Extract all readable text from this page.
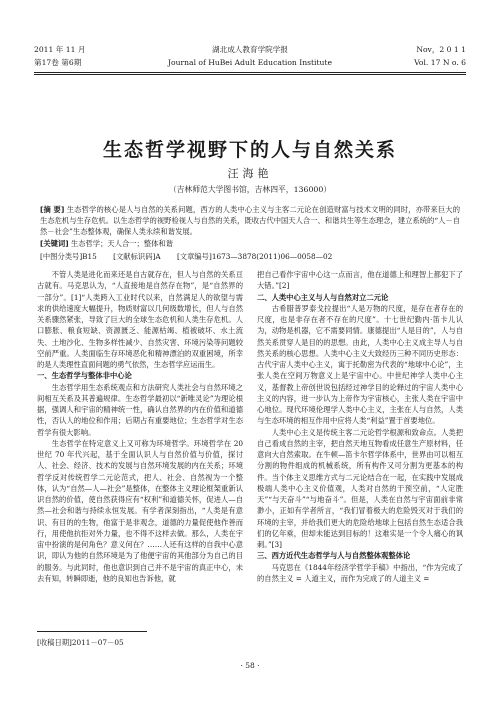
2011 年 11 月	湖北成人教育学院学报	Nov，2 0 1 1
第17卷 第6期	Journal of HuBei Adult Education Institute	Vol. 17 N o. 6
生态哲学视野下的人与自然关系
汪海艳
（吉林师范大学图书馆，吉林四平，136000）
[摘 要] 生态哲学的核心是人与自然的关系问题，西方的人类中心主义与主客二元论在创造财富与技术文明的同时，亦带来巨大的生态危机与生存危机。以生态哲学的视野检视人与自然的关系，既收古代中国天人合一、和谐共生等生态理念，建立系统的“人－自然－社会”生态整体观，确保人类永续和谐发展。
[关键词] 生态哲学；天人合一；整体和谐
[中图分类号]B15 [文献标识码]A [文章编号]1673—3878(2011)06—0058—02

不管人类是进化而来还是自古就存在，但人与自然的关系亘古就有。马克思认为，“人直接地是自然存在物”，是“自然界的一部分”。[1]“人类跨入工业时代以来，自然满足人的欲望与需求的供给速度大幅提升，物质财富以几何级数增长，但人与自然关系骤然紧张，导致了巨大的全球生态危机和人类生存危机。人口膨胀、粮食短缺、资源匮乏、能源枯竭、植被破坏、水土流失、土地沙化、生物多样性减少、自然灾害、环境污染等问题较空前严重。人类面临生存环境恶化和精神漂泊的双重困境，所幸的是人类理性直面问题的勇气依然，生态哲学应运而生。

一、生态哲学与整体非中心论

生态哲学用生态系统观点和方法研究人类社会与自然环境之间相互关系及其普遍规律。生态哲学最初以“新唯灵论”为理论根据，强调人和宇宙的精神统一性，确认自然界的内在价值和道德性，否认人的地位和作用；后期占有重要地位；生态哲学对生态哲学有很大影响。

生态哲学在特定意义上又可称为环境哲学。环境哲学在 20 世纪 70 年代兴起，基于全面认识人与自然价值与价值，探讨人、社会、经济、技术的发展与自然环境发展的内在关系；环境哲学反对传统哲学二元论范式，把人、社会、自然视为一个整体，认为“自然—人—社会”是整体，在整体主义理论框架重新认识自然的价值，使自然获得应有“权利”和道德关怀，促进人—自然—社会和谐与持续永恒发展。有学者深刻指出，“人类是有意识、有目的的生物，他富于是非观念，道德的力量促使他作善而行，用使他抗拒对外力量，也不得不这样去做。那么，人类在宇宙中扮演的是何角色？意义何在？……人还有这样的自我中心意识，即认为他的自然环境是为了他便宇宙的其他部分为自己的目的服务。与此同时，他也意识到自己并不是宇宙的真正中心，未去有知，转瞬即逝，他的良知也告诉他，就

把自己看作宇宙中心这一点而言，他在道德上和理智上都犯下了大错。”[2]

二、人类中心主义与人与自然对立二元论

古希腊普罗泰戈拉提出“人是万物的尺度，是存在者存在的尺度，也是非存在者不存在的尺度”。十七世纪勤内·笛卡儿认为，动物是机器，它不需要同情。康德提出“人是目的”，人与自然关系贯穿人是目的的思想。由此，人类中心主义成主导人与自然关系的核心思想。人类中心主义大致经历三种不同历史形态：古代宇宙人类中心主义，寓于托勒密为代表的“地球中心论”，主张人类在空间万物意义上是宇宙中心。中世纪神学人类中心主义，基督教上帝创世说包括经过神学目的论释过的宇宙人类中心主义的内容，进一步认为上帝作为宇宙核心，主张人类在宇宙中心地位。现代环境伦理学人类中心主义，主张在人与自然，人类与生态环境的相互作用中应将人类“利益”置于首要地位。

人类中心主义是传统主客二元论哲学根源和致命点。人类把自己看成自然的主宰，把自然天地互物看成任意生产原材料，任意向大自然索取。在牛顿—笛卡尔哲学体系中，世界由可以相互分割的物件组成的机械系统，所有构件又可分割为更基本的构件。当个体主义思维方式与二元论结合在一起，在实践中发展成极端人类中心主义价值观，人类对自然的干预空前，“人定胜天”“与天奋斗”“与地奋斗”。但是，人类在自然与宇宙面前非常渺小，正如有学者所言，“我们冒着极大的危险毁灭对于我们的环境的主宰，并给我们更大的危险给地球上包括自然生态适合我们的亿年乘，但却未能达到目标的！这难实是一个令人痛心的讽刺。”[3]

三、西方近代生态哲学与人与自然整体观整体论

马克思在《1844年经济学哲学手稿》中指出，“作为完成了的自然主义 = 人道主义，而作为完成了的人道主义 =

[收稿日期]2011－07－05
· 58 ·
